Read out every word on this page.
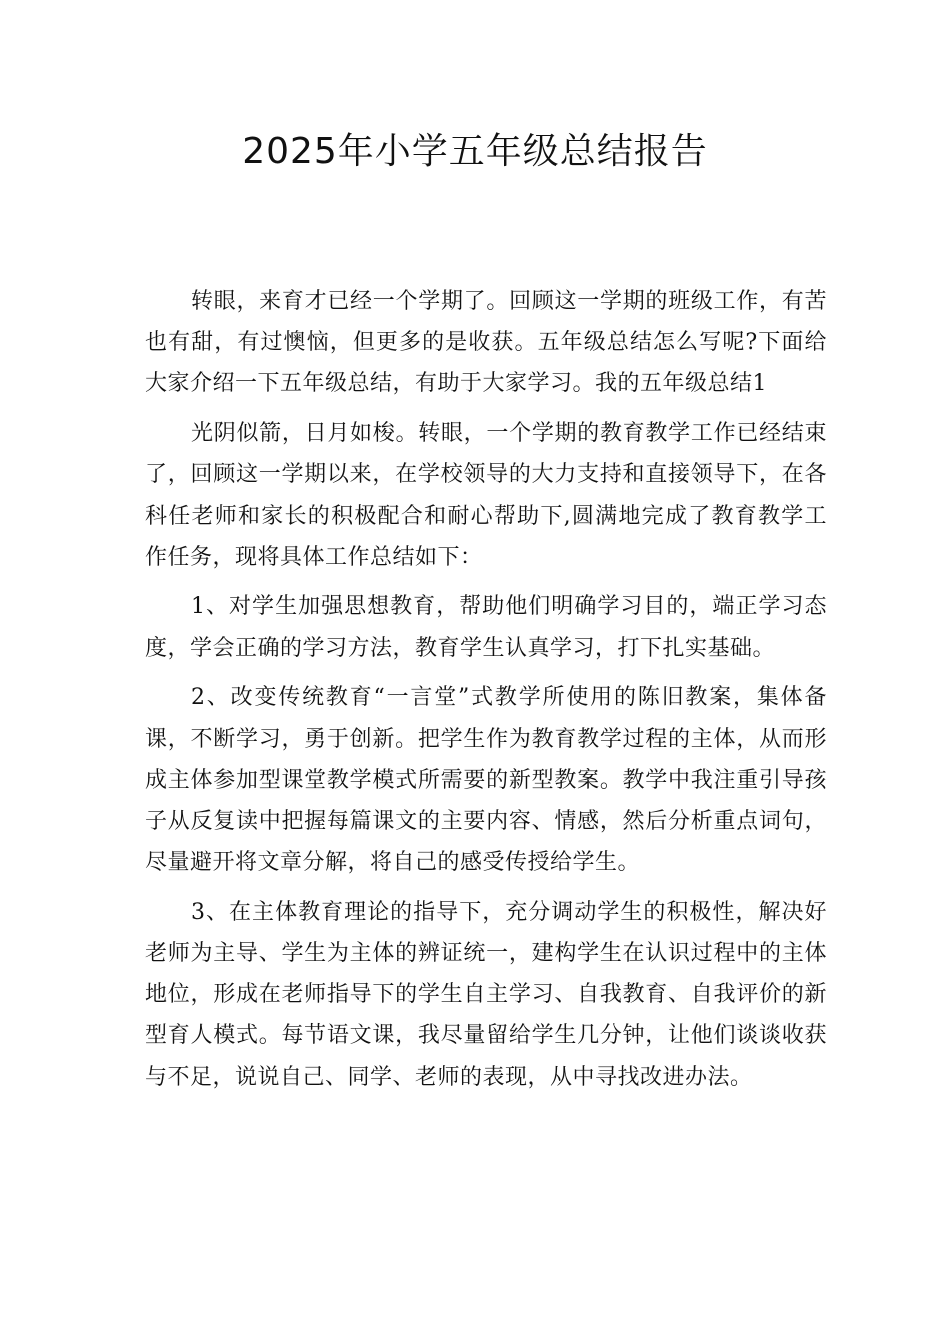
2025年小学五年级总结报告

转眼，来育才已经一个学期了。回顾这一学期的班级工作，有苦也有甜，有过懊恼，但更多的是收获。五年级总结怎么写呢?下面给大家介绍一下五年级总结，有助于大家学习。我的五年级总结1

光阴似箭，日月如梭。转眼，一个学期的教育教学工作已经结束了，回顾这一学期以来，在学校领导的大力支持和直接领导下，在各科任老师和家长的积极配合和耐心帮助下,圆满地完成了教育教学工作任务，现将具体工作总结如下：

1、对学生加强思想教育，帮助他们明确学习目的，端正学习态度，学会正确的学习方法，教育学生认真学习，打下扎实基础。

2、改变传统教育“一言堂”式教学所使用的陈旧教案，集体备课，不断学习，勇于创新。把学生作为教育教学过程的主体，从而形成主体参加型课堂教学模式所需要的新型教案。教学中我注重引导孩子从反复读中把握每篇课文的主要内容、情感，然后分析重点词句，尽量避开将文章分解，将自己的感受传授给学生。

3、在主体教育理论的指导下，充分调动学生的积极性，解决好老师为主导、学生为主体的辨证统一，建构学生在认识过程中的主体地位，形成在老师指导下的学生自主学习、自我教育、自我评价的新型育人模式。每节语文课，我尽量留给学生几分钟，让他们谈谈收获与不足，说说自己、同学、老师的表现，从中寻找改进办法。
